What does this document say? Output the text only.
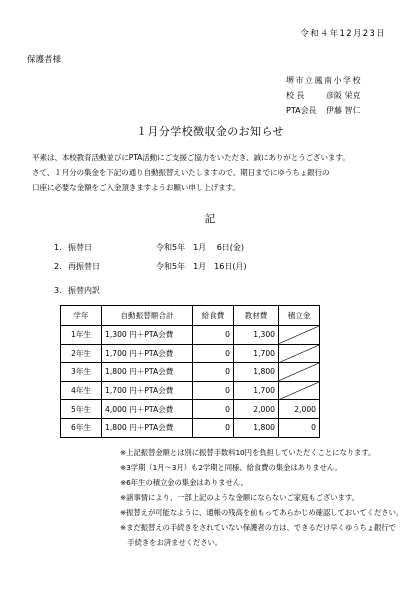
令和４年12月23日
保護者様
堺市立鳳南小学校
校 長	彦阪 栄克
PTA会長 伊藤 智仁
１月分学校徴収金のお知らせ
平素は、本校教育活動並びにPTA活動にご支援ご協力をいただき、誠にありがとうございます。
さて、１月分の集金を下記の通り自動振替えいたしますので、期日までにゆうちょ銀行の
口座に必要な金額をご入金頂きますようお願い申し上げます。
記
1. 振替日	令和5年　1月　 6日(金)
2. 再振替日	令和5年　1月　16日(月)
3. 振替内訳
学年	自動振替額合計	給食費	教材費	積立金
1年生	1,300 円＋PTA会費	0	1,300	

2年生	1,700 円＋PTA会費	0	1,700	

3年生	1,800 円＋PTA会費	0	1,800	

4年生	1,700 円＋PTA会費	0	1,700	

5年生	4,000 円＋PTA会費	0	2,000	2,000
6年生	1,800 円＋PTA会費	0	1,800	0
※上記振替金額とは別に振替手数料10円を負担していただくことになります。
※3学期（1月～3月）も2学期と同様、給食費の集金はありません。
※6年生の積立金の集金はありません。
※諸事情により、一部上記のような金額にならないご家庭もございます。
※振替えが可能なように、通帳の残高を前もってあらかじめ確認しておいてください。
※まだ振替えの手続きをされていない保護者の方は、できるだけ早くゆうちょ銀行で
　手続きをお済ませください。
